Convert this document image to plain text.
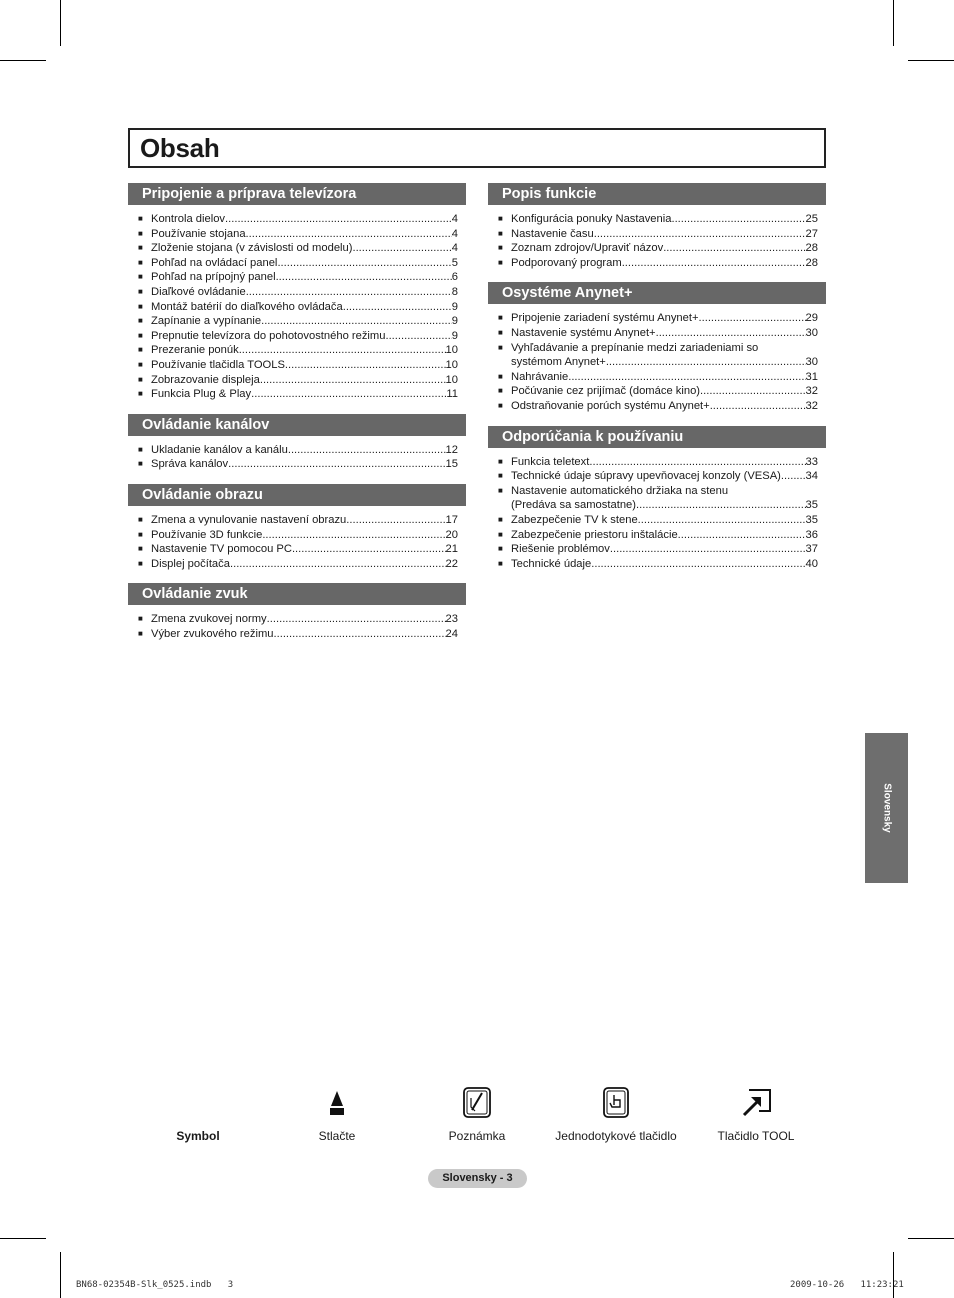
Obsah
Pripojenie a príprava televízora
■ Kontrola dielov .....	4
■ Používanie stojana .....	4
■ Zloženie stojana (v závislosti od modelu) .....	4
■ Pohľad na ovládací panel .....	5
■ Pohľad na prípojný panel .....	6
■ Diaľkové ovládanie .....	8
■ Montáž batérií do diaľkového ovládača .....	9
■ Zapínanie a vypínanie .....	9
■ Prepnutie televízora do pohotovostného režimu .....	9
■ Prezeranie ponúk .....	10
■ Používanie tlačidla TOOLS .....	10
■ Zobrazovanie displeja .....	10
■ Funkcia Plug & Play .....	11
Ovládanie kanálov
■ Ukladanie kanálov a kanálu .....	12
■ Správa kanálov .....	15
Ovládanie obrazu
■ Zmena a vynulovanie nastavení obrazu .....	17
■ Používanie 3D funkcie .....	20
■ Nastavenie TV pomocou PC .....	21
■ Displej počítača .....	22
Ovládanie zvuk
■ Zmena zvukovej normy .....	23
■ Výber zvukového režimu .....	24
Popis funkcie
■ Konfigurácia ponuky Nastavenia .....	25
■ Nastavenie času .....	27
■ Zoznam zdrojov/Upraviť názov .....	28
■ Podporovaný program .....	28
Osystéme Anynet+
■ Pripojenie zariadení systému Anynet+ .....	29
■ Nastavenie systému Anynet+ .....	30
■ Vyhľadávanie a prepínanie medzi zariadeniami so
systémom Anynet+ .....	30
■ Nahrávanie .....	31
■ Počúvanie cez prijímač (domáce kino) .....	32
■ Odstraňovanie porúch systému Anynet+ .....	32
Odporúčania k používaniu
■ Funkcia teletext .....	33
■ Technické údaje súpravy upevňovacej konzoly (VESA) ..... 34
■ Nastavenie automatického držiaka na stenu
(Predáva sa samostatne) .....	35
■ Zabezpečenie TV k stene .....	35
■ Zabezpečenie priestoru inštalácie .....	36
■ Riešenie problémov .....	37
■ Technické údaje .....	40
Slovensky
Symbol	Stlačte	Poznámka	Jednodotykové tlačidlo	Tlačidlo TOOL
Slovensky - 3
BN68-02354B-Slk_0525.indb   3	2009-10-26   11:23:21
